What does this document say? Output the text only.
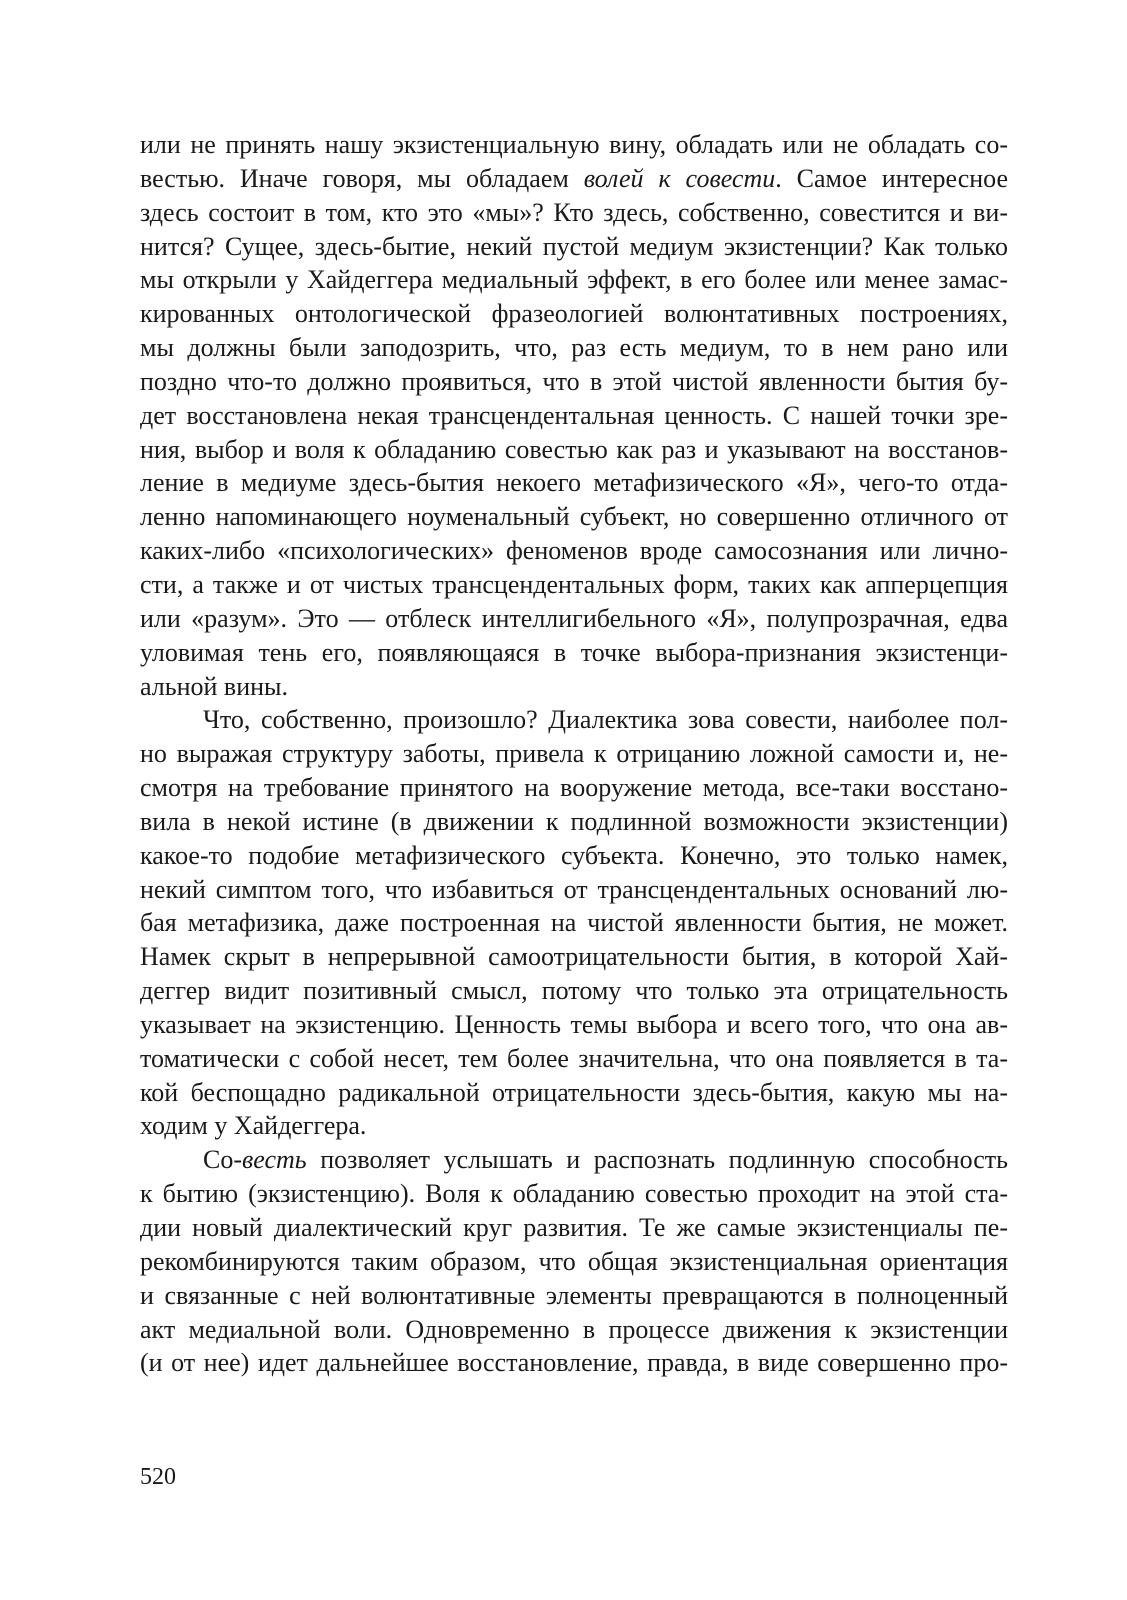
или не принять нашу экзистенциальную вину, обладать или не обладать со-
вестью. Иначе говоря, мы обладаем волей к совести. Самое интересное
здесь состоит в том, кто это «мы»? Кто здесь, собственно, совестится и ви-
нится? Сущее, здесь-бытие, некий пустой медиум экзистенции? Как только
мы открыли у Хайдеггера медиальный эффект, в его более или менее замас-
кированных онтологической фразеологией волюнтативных построениях,
мы должны были заподозрить, что, раз есть медиум, то в нем рано или
поздно что-то должно проявиться, что в этой чистой явленности бытия бу-
дет восстановлена некая трансцендентальная ценность. С нашей точки зре-
ния, выбор и воля к обладанию совестью как раз и указывают на восстанов-
ление в медиуме здесь-бытия некоего метафизического «Я», чего-то отда-
ленно напоминающего ноуменальный субъект, но совершенно отличного от
каких-либо «психологических» феноменов вроде самосознания или лично-
сти, а также и от чистых трансцендентальных форм, таких как апперцепция
или «разум». Это — отблеск интеллигибельного «Я», полупрозрачная, едва
уловимая тень его, появляющаяся в точке выбора-признания экзистенци-
альной вины.

Что, собственно, произошло? Диалектика зова совести, наиболее пол-
но выражая структуру заботы, привела к отрицанию ложной самости и, не-
смотря на требование принятого на вооружение метода, все-таки восстано-
вила в некой истине (в движении к подлинной возможности экзистенции)
какое-то подобие метафизического субъекта. Конечно, это только намек,
некий симптом того, что избавиться от трансцендентальных оснований лю-
бая метафизика, даже построенная на чистой явленности бытия, не может.
Намек скрыт в непрерывной самоотрицательности бытия, в которой Хай-
деггер видит позитивный смысл, потому что только эта отрицательность
указывает на экзистенцию. Ценность темы выбора и всего того, что она ав-
томатически с собой несет, тем более значительна, что она появляется в та-
кой беспощадно радикальной отрицательности здесь-бытия, какую мы на-
ходим у Хайдеггера.

Со-весть позволяет услышать и распознать подлинную способность
к бытию (экзистенцию). Воля к обладанию совестью проходит на этой ста-
дии новый диалектический круг развития. Те же самые экзистенциалы пе-
рекомбинируются таким образом, что общая экзистенциальная ориентация
и связанные с ней волюнтативные элементы превращаются в полноценный
акт медиальной воли. Одновременно в процессе движения к экзистенции
(и от нее) идет дальнейшее восстановление, правда, в виде совершенно про-

520
